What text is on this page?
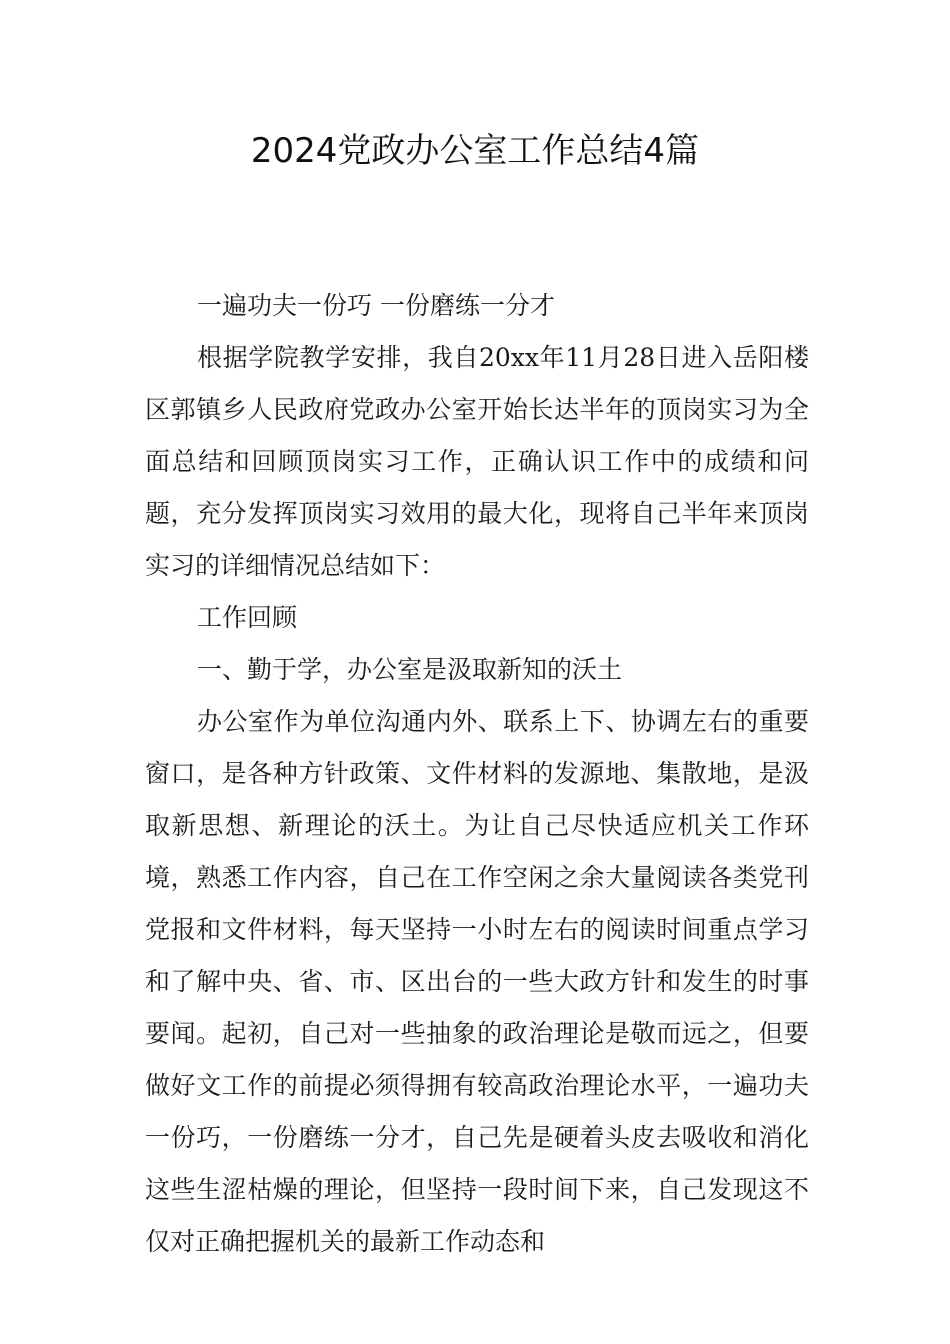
2024党政办公室工作总结4篇

一遍功夫一份巧 一份磨练一分才

根据学院教学安排，我自20xx年11月28日进入岳阳楼区郭镇乡人民政府党政办公室开始长达半年的顶岗实习为全面总结和回顾顶岗实习工作，正确认识工作中的成绩和问题，充分发挥顶岗实习效用的最大化，现将自己半年来顶岗实习的详细情况总结如下：

工作回顾

一、勤于学，办公室是汲取新知的沃土

办公室作为单位沟通内外、联系上下、协调左右的重要窗口，是各种方针政策、文件材料的发源地、集散地，是汲取新思想、新理论的沃土。为让自己尽快适应机关工作环境，熟悉工作内容，自己在工作空闲之余大量阅读各类党刊党报和文件材料，每天坚持一小时左右的阅读时间重点学习和了解中央、省、市、区出台的一些大政方针和发生的时事要闻。起初，自己对一些抽象的政治理论是敬而远之，但要做好文工作的前提必须得拥有较高政治理论水平，一遍功夫一份巧，一份磨练一分才，自己先是硬着头皮去吸收和消化这些生涩枯燥的理论，但坚持一段时间下来，自己发现这不仅对正确把握机关的最新工作动态和
